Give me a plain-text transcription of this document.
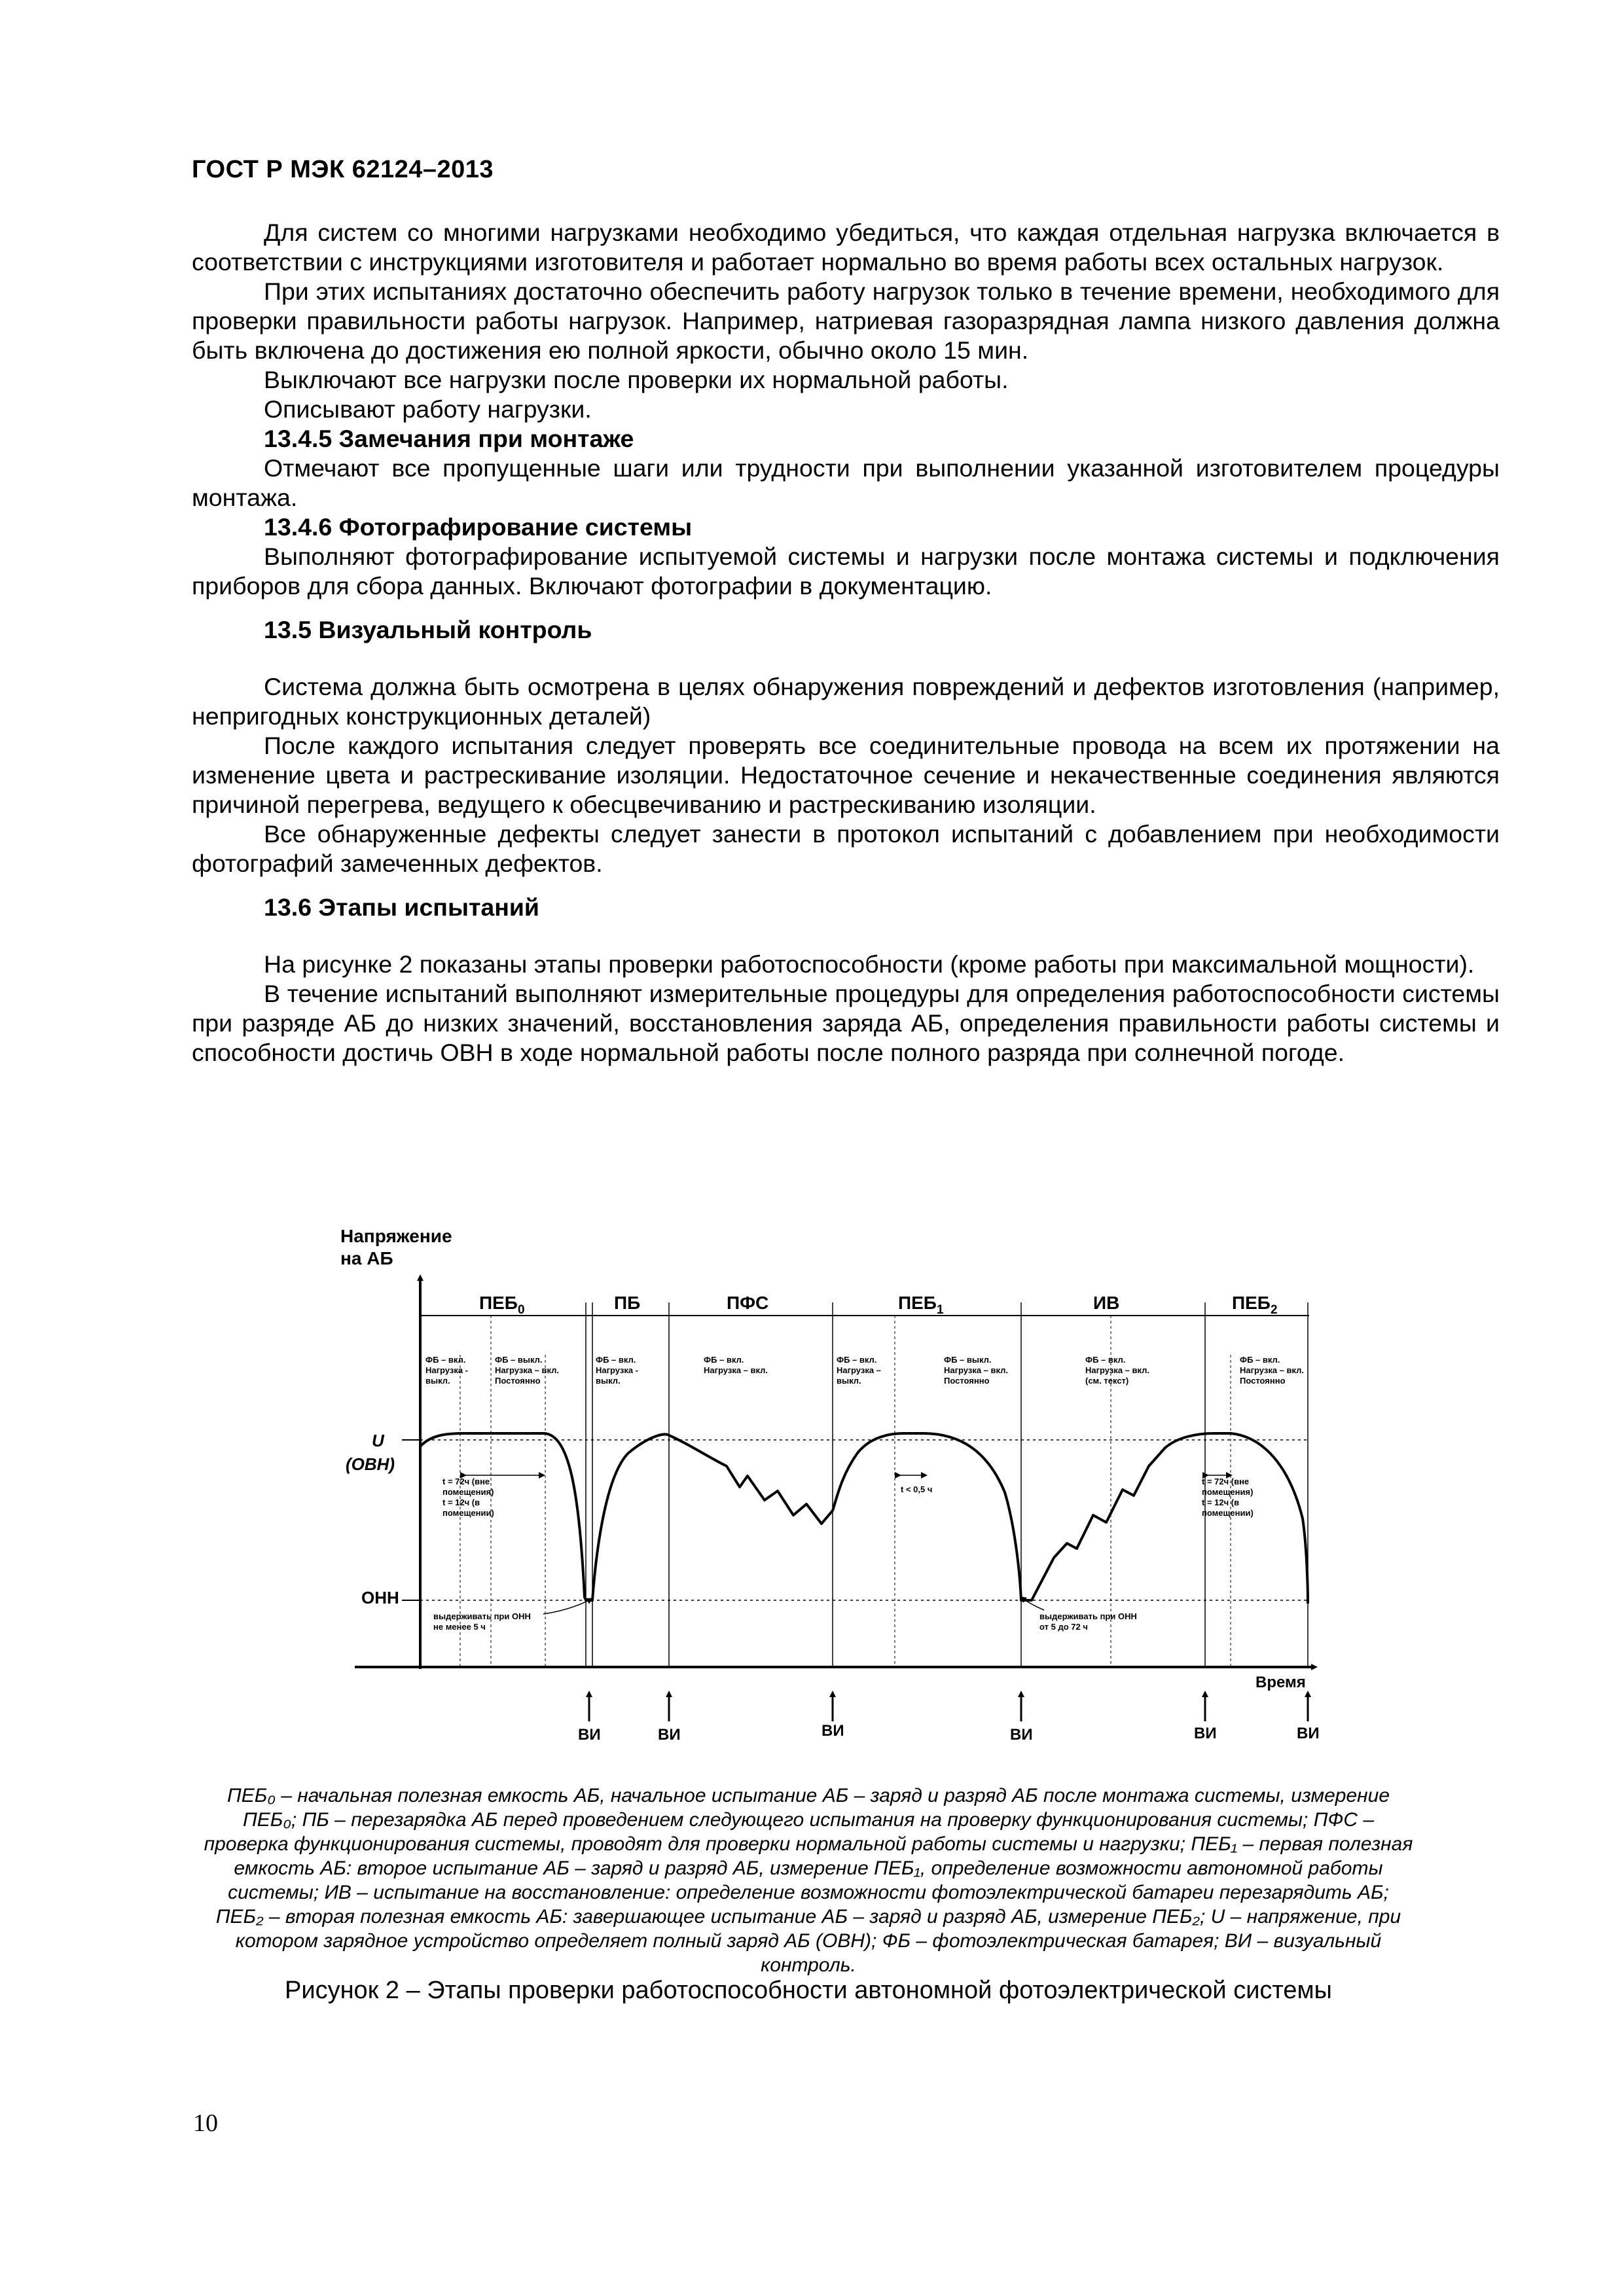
ГОСТ Р МЭК 62124–2013

Для систем со многими нагрузками необходимо убедиться, что каждая отдельная нагрузка включается в соответствии с инструкциями изготовителя и работает нормально во время работы всех остальных нагрузок.

При этих испытаниях достаточно обеспечить работу нагрузок только в течение времени, необходимого для проверки правильности работы нагрузок. Например, натриевая газоразрядная лампа низкого давления должна быть включена до достижения ею полной яркости, обычно около 15 мин.

Выключают все нагрузки после проверки их нормальной работы.

Описывают работу нагрузки.

13.4.5 Замечания при монтаже

Отмечают все пропущенные шаги или трудности при выполнении указанной изготовителем процедуры монтажа.

13.4.6 Фотографирование системы

Выполняют фотографирование испытуемой системы и нагрузки после монтажа системы и подключения приборов для сбора данных. Включают фотографии в документацию.

13.5 Визуальный контроль

Система должна быть осмотрена в целях обнаружения повреждений и дефектов изготовления (например, непригодных конструкционных деталей)

После каждого испытания следует проверять все соединительные провода на всем их протяжении на изменение цвета и растрескивание изоляции. Недостаточное сечение и некачественные соединения являются причиной перегрева, ведущего к обесцвечиванию и растрескиванию изоляции.

Все обнаруженные дефекты следует занести в протокол испытаний с добавлением при необходимости фотографий замеченных дефектов.

13.6 Этапы испытаний

На рисунке 2 показаны этапы проверки работоспособности (кроме работы при максимальной мощности).

В течение испытаний выполняют измерительные процедуры для определения работоспособности системы при разряде АБ до низких значений, восстановления заряда АБ, определения правильности работы системы и способности достичь ОВН в ходе нормальной работы после полного разряда при солнечной погоде.

Напряжение
на АБ
Время
U
(ОВН)
ОНН
$ПЕБ_0$	ПБ	ПФС	$ПЕБ_1$	ИВ	$ПЕБ_2$
ФБ – вкл.
Нагрузка -
выкл.
ФБ – выкл.
Нагрузка – вкл.
Постоянно
ФБ – вкл.
Нагрузка -
выкл.
ФБ – вкл.
Нагрузка – вкл.
ФБ – вкл.
Нагрузка –
выкл.
ФБ – выкл.
Нагрузка – вкл.
Постоянно
ФБ – вкл.
Нагрузка – вкл.
(см. текст)
ФБ – вкл.
Нагрузка – вкл.
Постоянно
t = 72ч (вне
помещения)
t = 12ч (в
помещении)
t < 0,5 ч
t = 72ч (вне
помещения)
t = 12ч (в
помещении)
выдерживать при ОНН
не менее 5 ч
выдерживать при ОНН
от 5 до 72 ч
ВИ	ВИ	ВИ	ВИ	ВИ	ВИ
ПЕБ₀ – начальная полезная емкость АБ, начальное испытание АБ – заряд и разряд АБ после монтажа системы, измерение
ПЕБ₀; ПБ – перезарядка АБ перед проведением следующего испытания на проверку функционирования системы; ПФС –
проверка функционирования системы, проводят для проверки нормальной работы системы и нагрузки; ПЕБ₁ – первая полезная
емкость АБ: второе испытание АБ – заряд и разряд АБ, измерение ПЕБ₁, определение возможности автономной работы
системы; ИВ – испытание на восстановление: определение возможности фотоэлектрической батареи перезарядить АБ;
ПЕБ₂ – вторая полезная емкость АБ: завершающее испытание АБ – заряд и разряд АБ, измерение ПЕБ₂; U – напряжение, при
котором зарядное устройство определяет полный заряд АБ (ОВН); ФБ – фотоэлектрическая батарея; ВИ – визуальный
контроль.
Рисунок 2 – Этапы проверки работоспособности автономной фотоэлектрической системы
10
